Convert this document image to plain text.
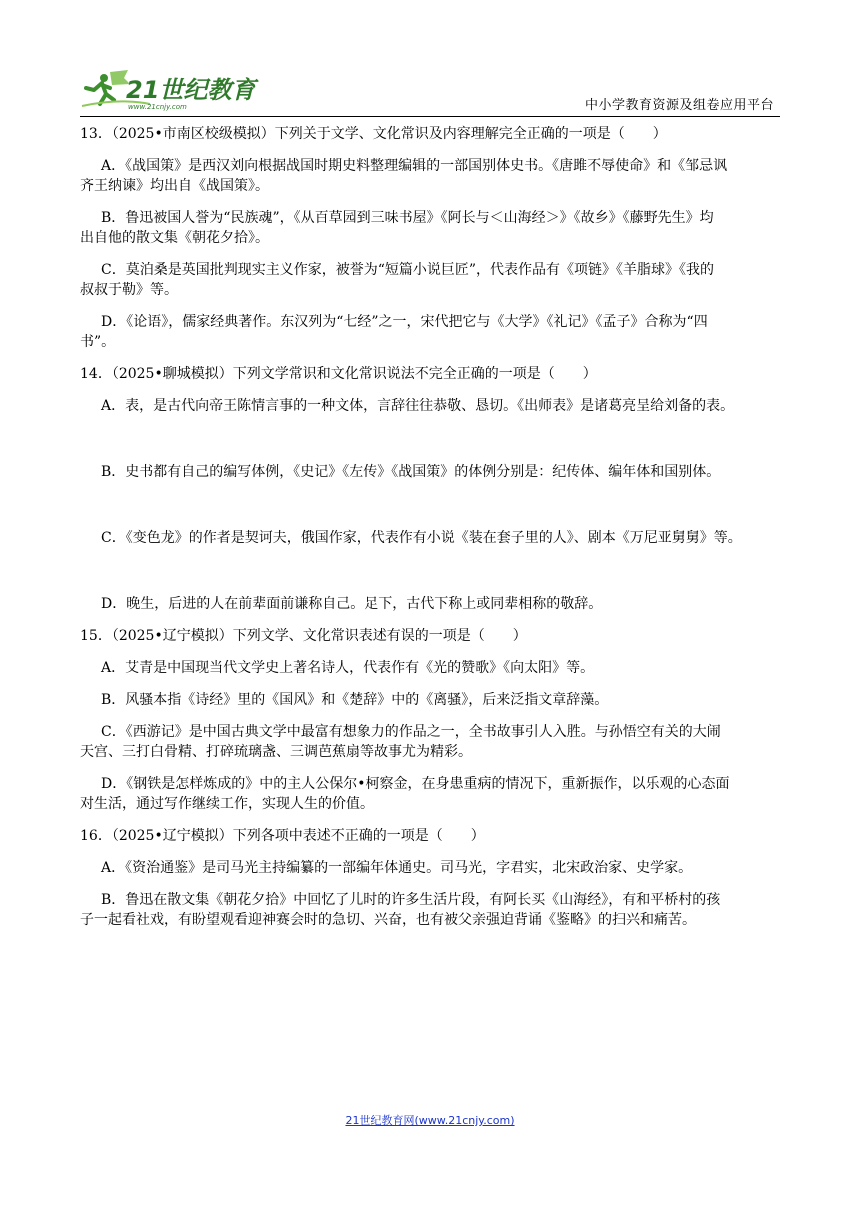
21世纪教育
www.21cnjy.com	中小学教育资源及组卷应用平台

13．（2025•市南区校级模拟）下列关于文学、文化常识及内容理解完全正确的一项是（　　）

A．《战国策》是西汉刘向根据战国时期史料整理编辑的一部国别体史书。《唐雎不辱使命》和《邹忌讽
齐王纳谏》均出自《战国策》。

B．鲁迅被国人誉为“民族魂”，《从百草园到三味书屋》《阿长与＜山海经＞》《故乡》《藤野先生》均
出自他的散文集《朝花夕拾》。

C．莫泊桑是英国批判现实主义作家，被誉为“短篇小说巨匠”，代表作品有《项链》《羊脂球》《我的
叔叔于勒》等。

D．《论语》，儒家经典著作。东汉列为“七经”之一，宋代把它与《大学》《礼记》《孟子》合称为“四
书”。

14．（2025•聊城模拟）下列文学常识和文化常识说法不完全正确的一项是（　　）

A．表，是古代向帝王陈情言事的一种文体，言辞往往恭敬、恳切。《出师表》是诸葛亮呈给刘备的表。

B．史书都有自己的编写体例，《史记》《左传》《战国策》的体例分别是：纪传体、编年体和国别体。

C．《变色龙》的作者是契诃夫，俄国作家，代表作有小说《装在套子里的人》、剧本《万尼亚舅舅》等。

D．晚生，后进的人在前辈面前谦称自己。足下，古代下称上或同辈相称的敬辞。

15．（2025•辽宁模拟）下列文学、文化常识表述有误的一项是（　　）

A．艾青是中国现当代文学史上著名诗人，代表作有《光的赞歌》《向太阳》等。

B．风骚本指《诗经》里的《国风》和《楚辞》中的《离骚》，后来泛指文章辞藻。

C．《西游记》是中国古典文学中最富有想象力的作品之一，全书故事引人入胜。与孙悟空有关的大闹
天宫、三打白骨精、打碎琉璃盏、三调芭蕉扇等故事尤为精彩。

D．《钢铁是怎样炼成的》中的主人公保尔•柯察金，在身患重病的情况下，重新振作，以乐观的心态面
对生活，通过写作继续工作，实现人生的价值。

16．（2025•辽宁模拟）下列各项中表述不正确的一项是（　　）

A．《资治通鉴》是司马光主持编纂的一部编年体通史。司马光，字君实，北宋政治家、史学家。

B．鲁迅在散文集《朝花夕拾》中回忆了儿时的许多生活片段，有阿长买《山海经》，有和平桥村的孩
子一起看社戏，有盼望观看迎神赛会时的急切、兴奋，也有被父亲强迫背诵《鉴略》的扫兴和痛苦。

21世纪教育网(www.21cnjy.com)
